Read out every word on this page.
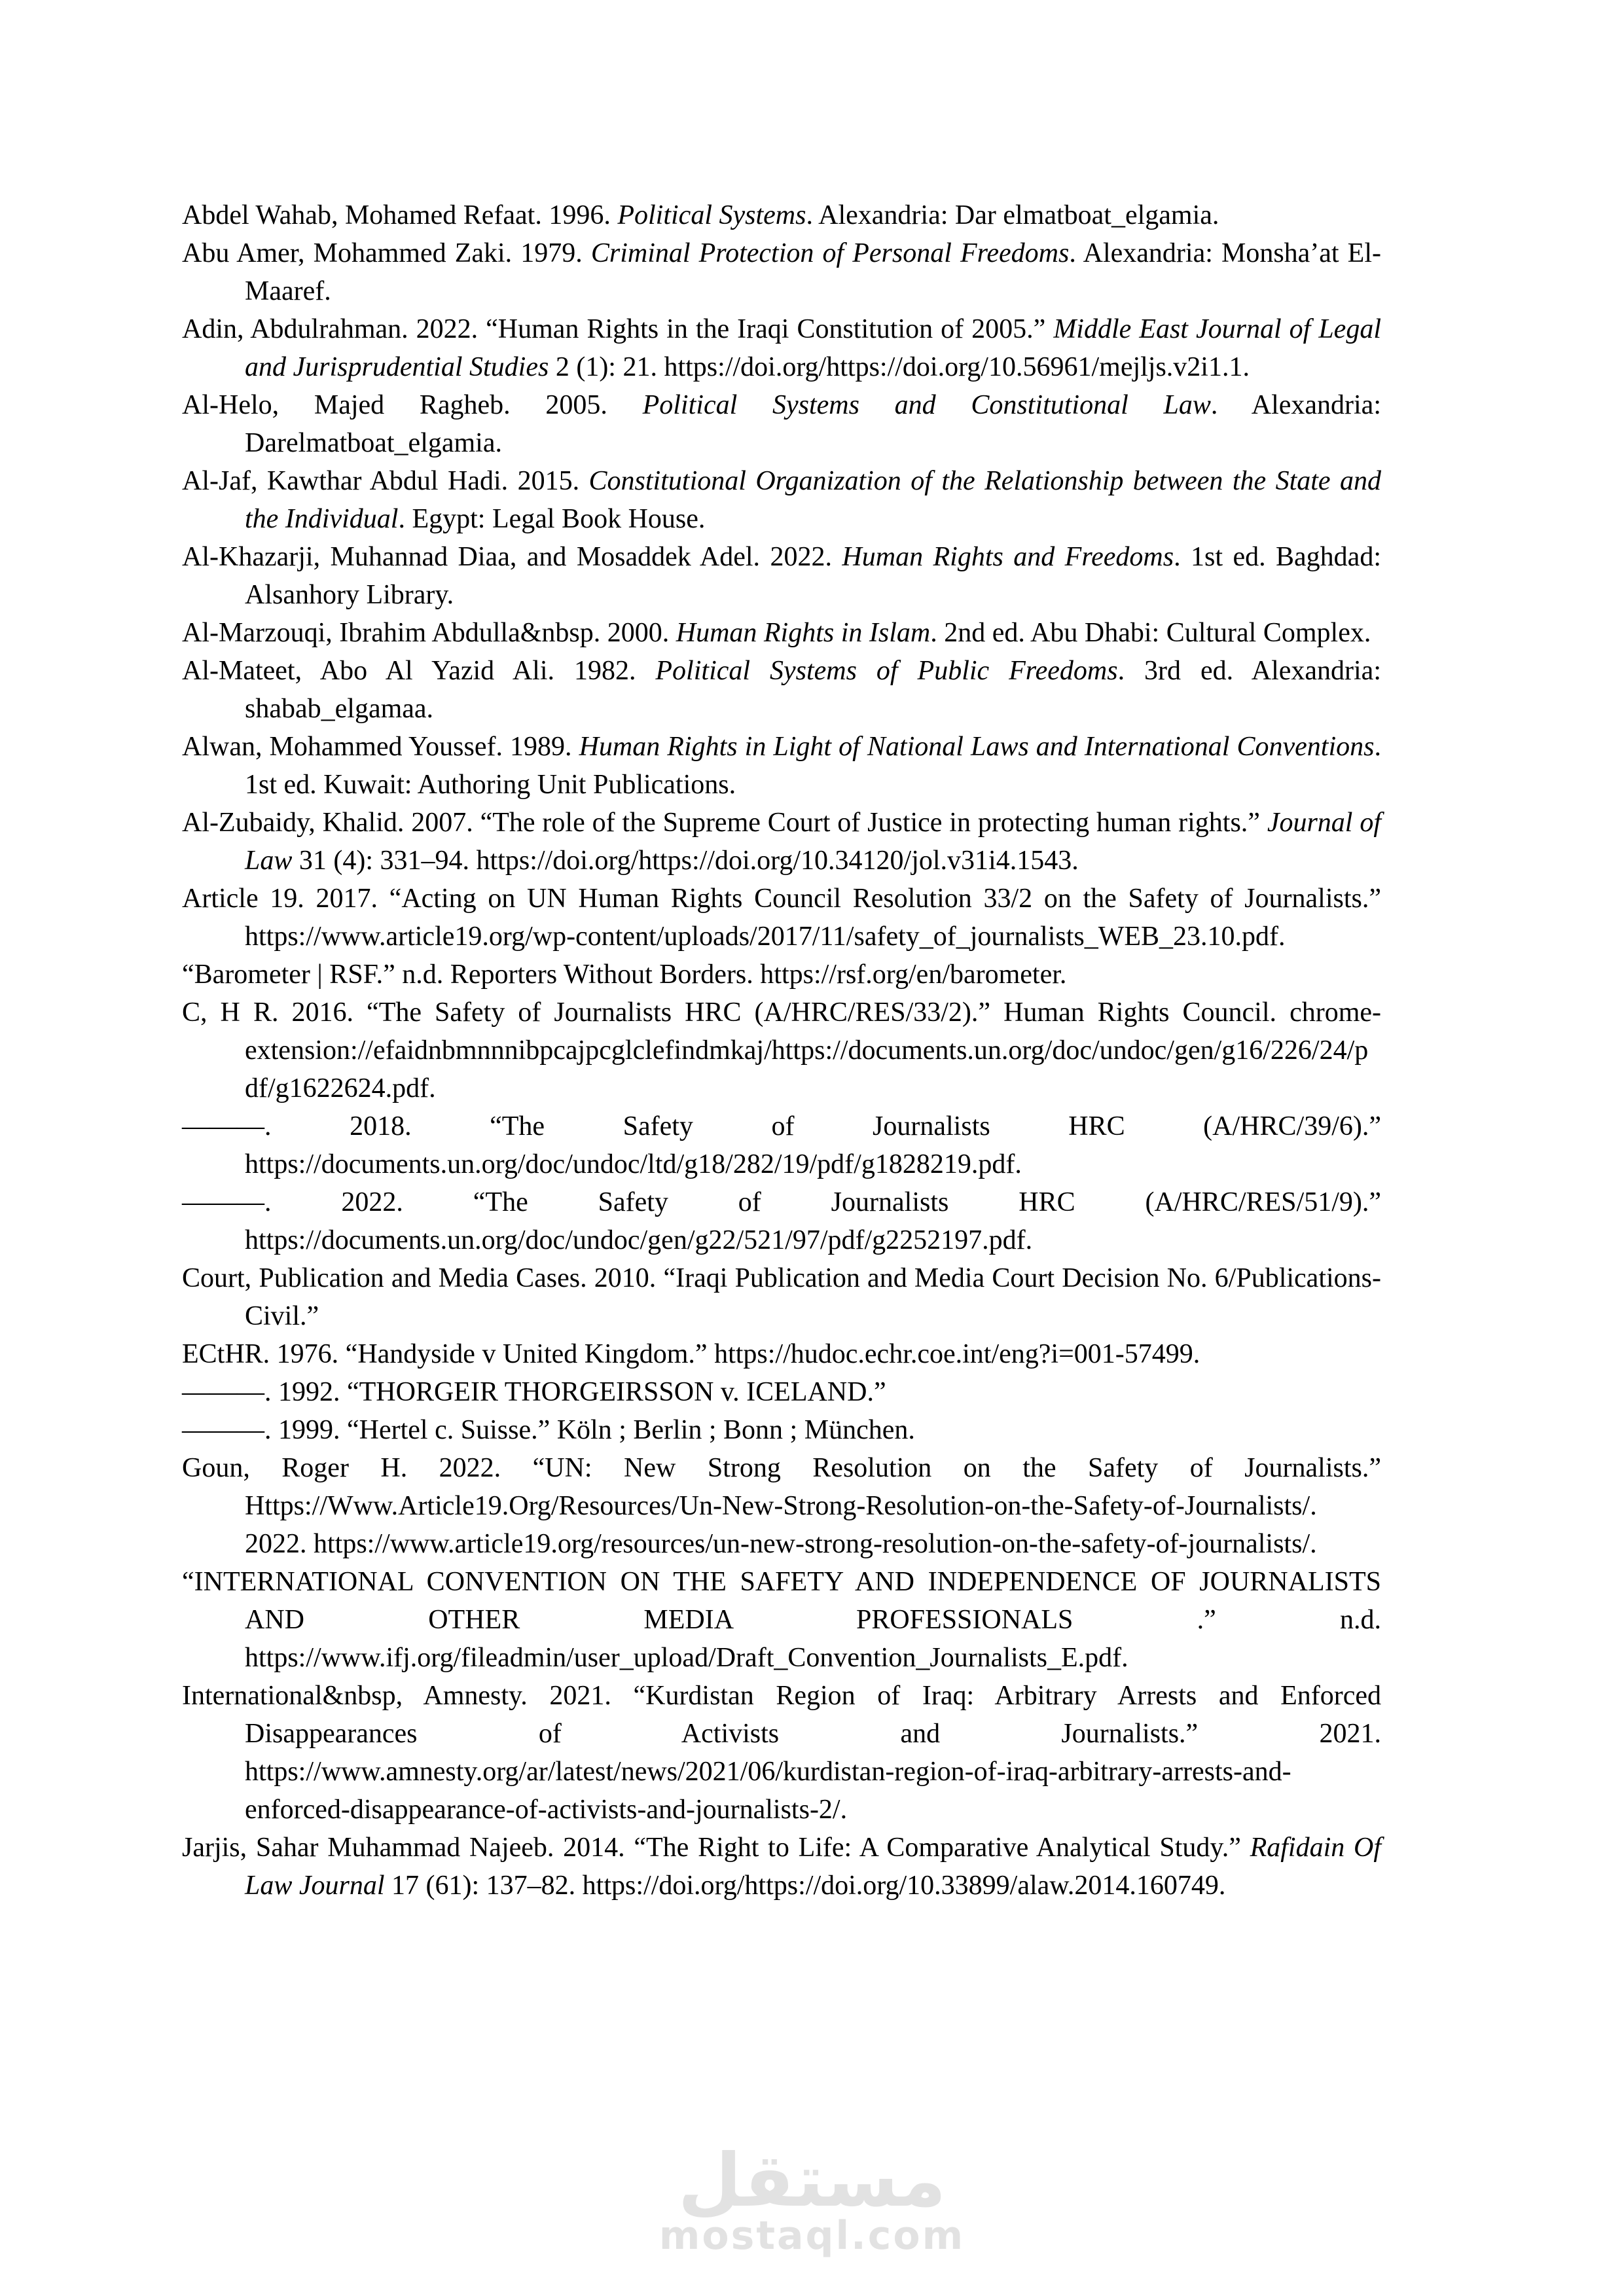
Abdel Wahab, Mohamed Refaat. 1996. Political Systems. Alexandria: Dar elmatboat_elgamia.

Abu Amer, Mohammed Zaki. 1979. Criminal Protection of Personal Freedoms. Alexandria: Monsha’at El-Maaref.

Adin, Abdulrahman. 2022. “Human Rights in the Iraqi Constitution of 2005.” Middle East Journal of Legal and Jurisprudential Studies 2 (1): 21. https://doi.org/https://doi.org/10.56961/mejljs.v2i1.1.

Al-Helo, Majed Ragheb. 2005. Political Systems and Constitutional Law. Alexandria: Darelmatboat_elgamia.

Al-Jaf, Kawthar Abdul Hadi. 2015. Constitutional Organization of the Relationship between the State and the Individual. Egypt: Legal Book House.

Al-Khazarji, Muhannad Diaa, and Mosaddek Adel. 2022. Human Rights and Freedoms. 1st ed. Baghdad: Alsanhory Library.

Al-Marzouqi, Ibrahim Abdulla&nbsp. 2000. Human Rights in Islam. 2nd ed. Abu Dhabi: Cultural Complex.

Al-Mateet, Abo Al Yazid Ali. 1982. Political Systems of Public Freedoms. 3rd ed. Alexandria: shabab_elgamaa.

Alwan, Mohammed Youssef. 1989. Human Rights in Light of National Laws and International Conventions. 1st ed. Kuwait: Authoring Unit Publications.

Al-Zubaidy, Khalid. 2007. “The role of the Supreme Court of Justice in protecting human rights.” Journal of Law 31 (4): 331–94. https://doi.org/https://doi.org/10.34120/jol.v31i4.1543.

Article 19. 2017. “Acting on UN Human Rights Council Resolution 33/2 on the Safety of Journalists.” https://www.article19.org/wp-content/uploads/2017/11/safety_of_journalists_WEB_23.10.pdf.

“Barometer | RSF.” n.d. Reporters Without Borders. https://rsf.org/en/barometer.

C, H R. 2016. “The Safety of Journalists HRC (A/HRC/RES/33/2).” Human Rights Council. chrome-extension://efaidnbmnnnibpcajpcglclefindmkaj/https://documents.un.org/doc/undoc/gen/g16/226/24/pdf/g1622624.pdf.

———. 2018. “The Safety of Journalists HRC (A/HRC/39/6).” https://documents.un.org/doc/undoc/ltd/g18/282/19/pdf/g1828219.pdf.

———. 2022. “The Safety of Journalists HRC (A/HRC/RES/51/9).” https://documents.un.org/doc/undoc/gen/g22/521/97/pdf/g2252197.pdf.

Court, Publication and Media Cases. 2010. “Iraqi Publication and Media Court Decision No. 6/Publications-Civil.”

ECtHR. 1976. “Handyside v United Kingdom.” https://hudoc.echr.coe.int/eng?i=001-57499.

———. 1992. “THORGEIR THORGEIRSSON v. ICELAND.”

———. 1999. “Hertel c. Suisse.” Köln ; Berlin ; Bonn ; München.

Goun, Roger H. 2022. “UN: New Strong Resolution on the Safety of Journalists.” Https://Www.Article19.Org/Resources/Un-New-Strong-Resolution-on-the-Safety-of-Journalists/. 2022. https://www.article19.org/resources/un-new-strong-resolution-on-the-safety-of-journalists/.

“INTERNATIONAL CONVENTION ON THE SAFETY AND INDEPENDENCE OF JOURNALISTS AND OTHER MEDIA PROFESSIONALS .” n.d. https://www.ifj.org/fileadmin/user_upload/Draft_Convention_Journalists_E.pdf.

International&nbsp, Amnesty. 2021. “Kurdistan Region of Iraq: Arbitrary Arrests and Enforced Disappearances of Activists and Journalists.” 2021. https://www.amnesty.org/ar/latest/news/2021/06/kurdistan-region-of-iraq-arbitrary-arrests-and-enforced-disappearance-of-activists-and-journalists-2/.

Jarjis, Sahar Muhammad Najeeb. 2014. “The Right to Life: A Comparative Analytical Study.” Rafidain Of Law Journal 17 (61): 137–82. https://doi.org/https://doi.org/10.33899/alaw.2014.160749.

مستقل
mostaql.com
